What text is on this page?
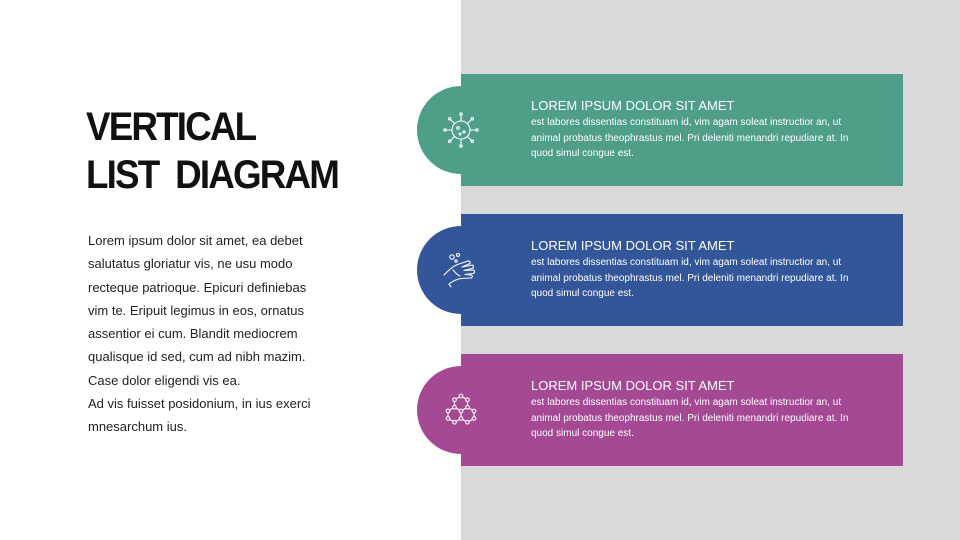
VERTICAL
LIST  DIAGRAM

Lorem ipsum dolor sit amet, ea debet salutatus gloriatur vis, ne usu modo recteque patrioque. Epicuri definiebas vim te. Eripuit legimus in eos, ornatus assentior ei cum. Blandit mediocrem qualisque id sed, cum ad nibh mazim. Case dolor eligendi vis ea.

Ad vis fuisset posidonium, in ius exerci mnesarchum ius.

LOREM IPSUM DOLOR SIT AMET
est labores dissentias constituam id, vim agam soleat instructior an, ut animal probatus theophrastus mel. Pri deleniti menandri repudiare at. In quod simul congue est.
LOREM IPSUM DOLOR SIT AMET
est labores dissentias constituam id, vim agam soleat instructior an, ut animal probatus theophrastus mel. Pri deleniti menandri repudiare at. In quod simul congue est.
LOREM IPSUM DOLOR SIT AMET
est labores dissentias constituam id, vim agam soleat instructior an, ut animal probatus theophrastus mel. Pri deleniti menandri repudiare at. In quod simul congue est.
